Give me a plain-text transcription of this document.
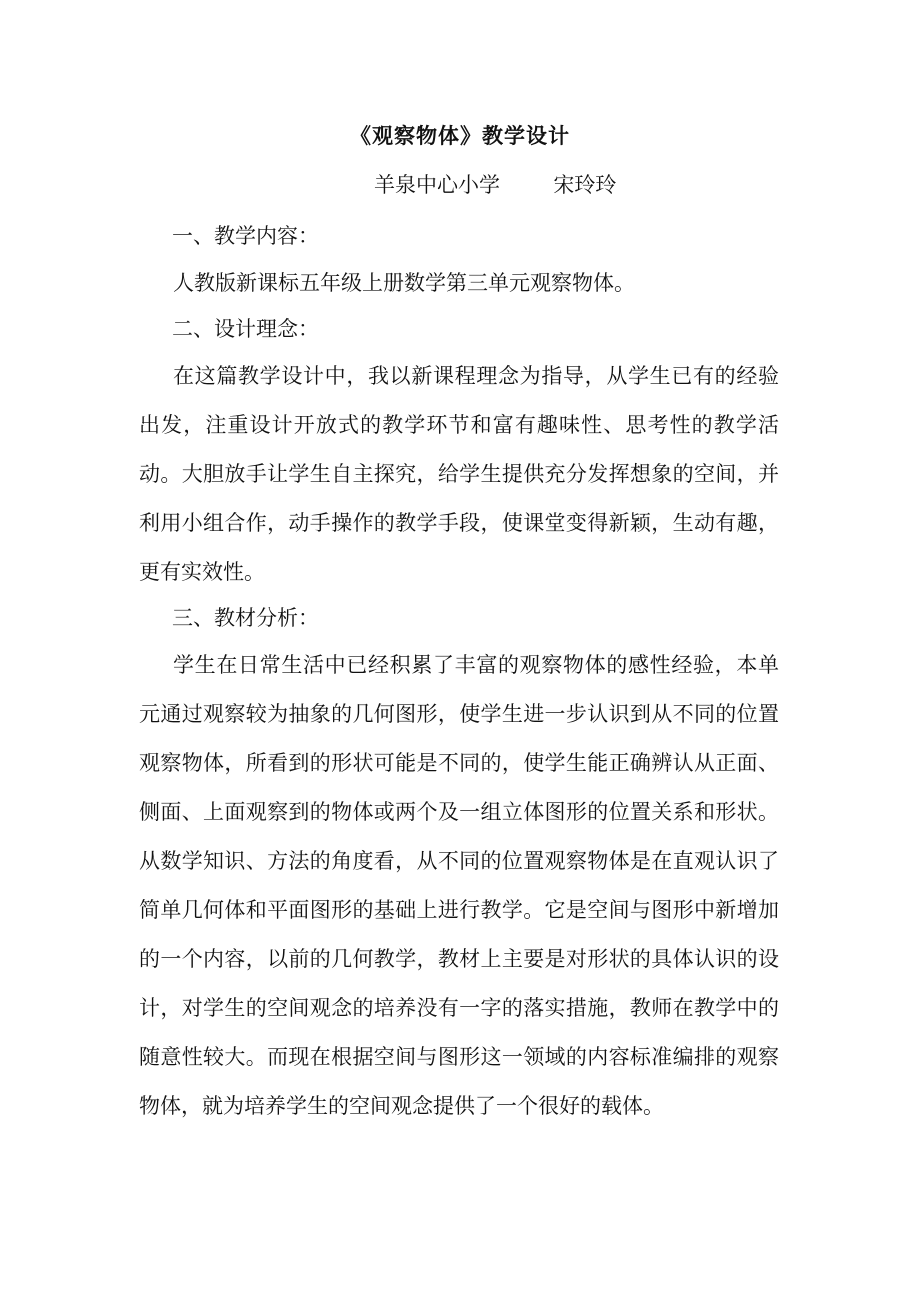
《观察物体》教学设计
羊泉中心小学	宋玲玲
一、教学内容：
人教版新课标五年级上册数学第三单元观察物体。
二、设计理念：
在这篇教学设计中，我以新课程理念为指导，从学生已有的经验出发，注重设计开放式的教学环节和富有趣味性、思考性的教学活动。大胆放手让学生自主探究，给学生提供充分发挥想象的空间，并利用小组合作，动手操作的教学手段，使课堂变得新颖，生动有趣，更有实效性。
三、教材分析：
学生在日常生活中已经积累了丰富的观察物体的感性经验，本单元通过观察较为抽象的几何图形，使学生进一步认识到从不同的位置观察物体，所看到的形状可能是不同的，使学生能正确辨认从正面、侧面、上面观察到的物体或两个及一组立体图形的位置关系和形状。从数学知识、方法的角度看，从不同的位置观察物体是在直观认识了简单几何体和平面图形的基础上进行教学。它是空间与图形中新增加的一个内容，以前的几何教学，教材上主要是对形状的具体认识的设计，对学生的空间观念的培养没有一字的落实措施，教师在教学中的随意性较大。而现在根据空间与图形这一领域的内容标准编排的观察物体，就为培养学生的空间观念提供了一个很好的载体。
